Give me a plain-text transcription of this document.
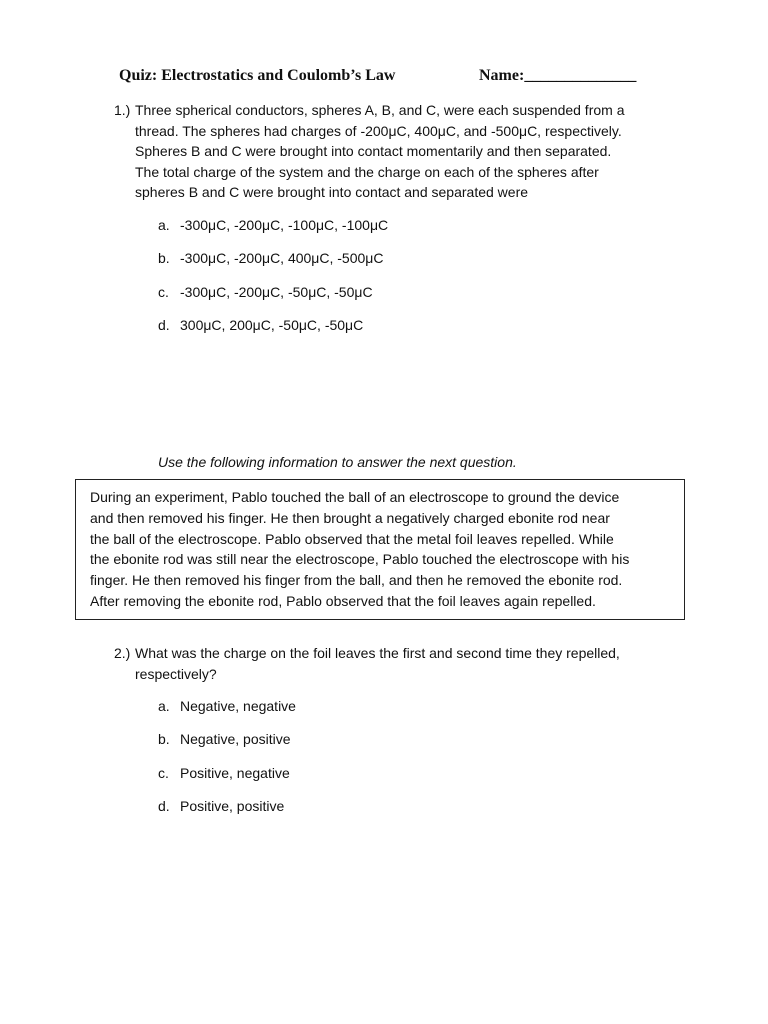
Quiz: Electrostatics and Coulomb’s Law	Name:______________
1.) Three spherical conductors, spheres A, B, and C, were each suspended from a
thread. The spheres had charges of -200μC, 400μC, and -500μC, respectively.
Spheres B and C were brought into contact momentarily and then separated.
The total charge of the system and the charge on each of the spheres after
spheres B and C were brought into contact and separated were
a. -300μC, -200μC, -100μC, -100μC
b. -300μC, -200μC, 400μC, -500μC
c. -300μC, -200μC, -50μC, -50μC
d. 300μC, 200μC, -50μC, -50μC
Use the following information to answer the next question.
During an experiment, Pablo touched the ball of an electroscope to ground the device
and then removed his finger. He then brought a negatively charged ebonite rod near
the ball of the electroscope. Pablo observed that the metal foil leaves repelled. While
the ebonite rod was still near the electroscope, Pablo touched the electroscope with his
finger. He then removed his finger from the ball, and then he removed the ebonite rod.
After removing the ebonite rod, Pablo observed that the foil leaves again repelled.
2.) What was the charge on the foil leaves the first and second time they repelled,
respectively?
a. Negative, negative
b. Negative, positive
c. Positive, negative
d. Positive, positive
